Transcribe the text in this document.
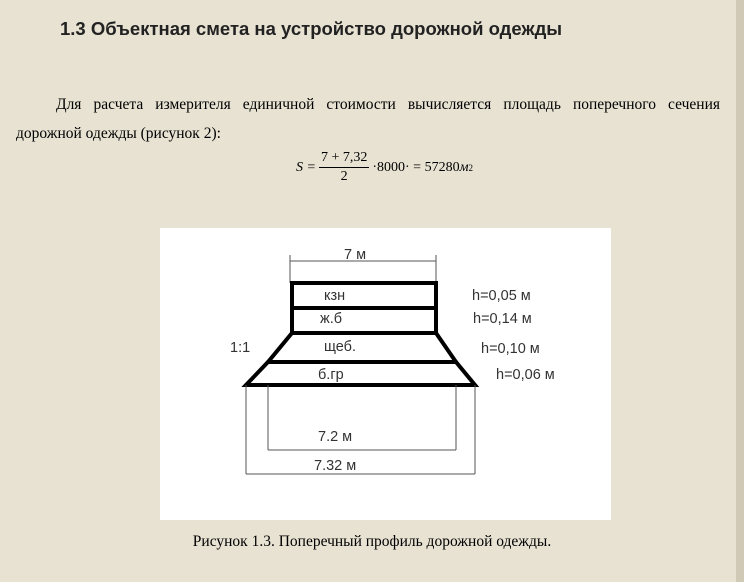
1.3 Объектная смета на устройство дорожной одежды

Для расчета измерителя единичной стоимости вычисляется площадь поперечного сечения дорожной одежды (рисунок 2):

$S = \frac{7 + 7,32}{2} \cdot 8000\cdot = 57280$ м 2
7 м
1:1
кзн
ж.б
щеб.
б.гр
h=0,05 м
h=0,14 м
h=0,10 м
h=0,06 м
7.2 м
7.32 м

Рисунок 1.3. Поперечный профиль дорожной одежды.
